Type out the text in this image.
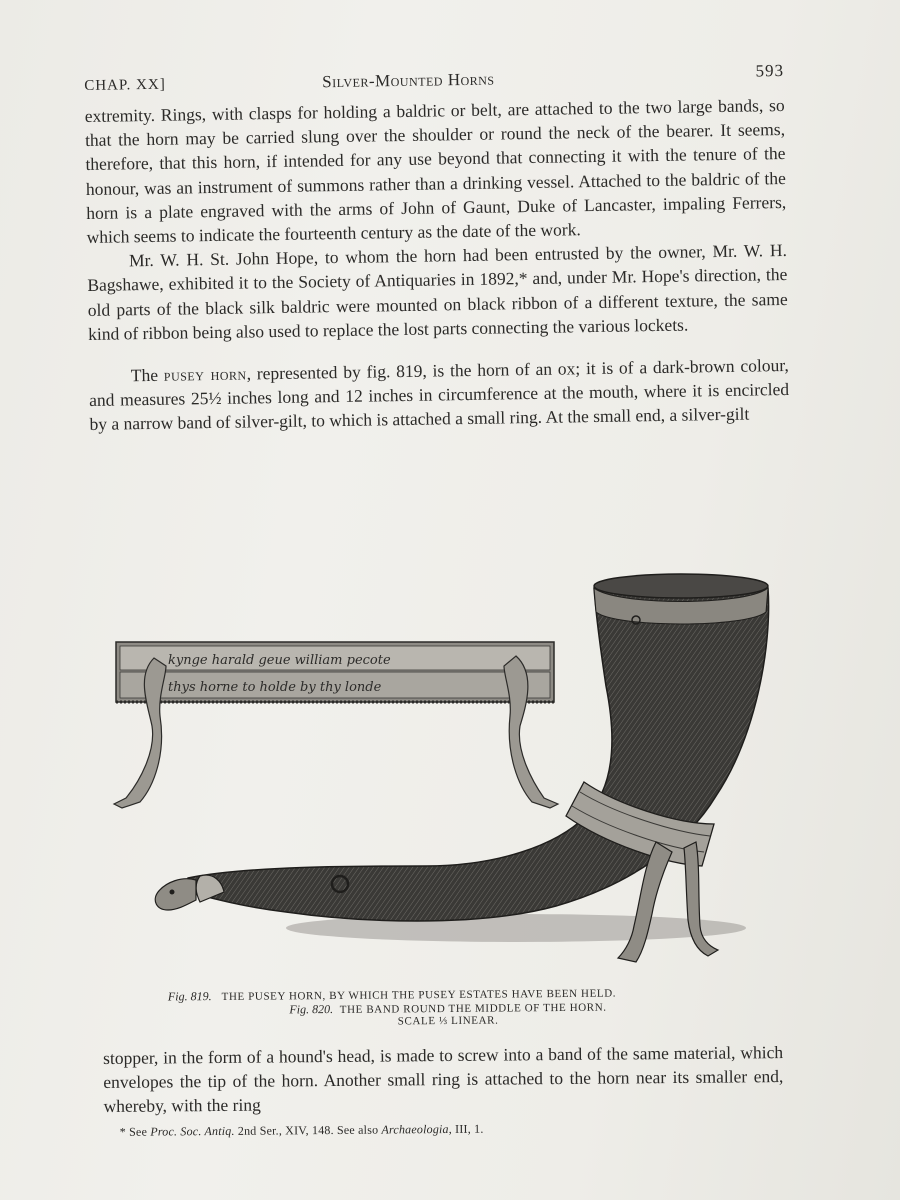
CHAP. XX]	Silver-Mounted Horns	593

extremity. Rings, with clasps for holding a baldric or belt, are attached to the two large bands, so that the horn may be carried slung over the shoulder or round the neck of the bearer. It seems, therefore, that this horn, if intended for any use beyond that connecting it with the tenure of the honour, was an instrument of summons rather than a drinking vessel. Attached to the baldric of the horn is a plate engraved with the arms of John of Gaunt, Duke of Lancaster, impaling Ferrers, which seems to indicate the fourteenth century as the date of the work.

Mr. W. H. St. John Hope, to whom the horn had been entrusted by the owner, Mr. W. H. Bagshawe, exhibited it to the Society of Antiquaries in 1892,* and, under Mr. Hope's direction, the old parts of the black silk baldric were mounted on black ribbon of a different texture, the same kind of ribbon being also used to replace the lost parts connecting the various lockets.

The pusey horn, represented by fig. 819, is the horn of an ox; it is of a dark-brown colour, and measures 25½ inches long and 12 inches in circumference at the mouth, where it is encircled by a narrow band of silver-gilt, to which is attached a small ring. At the small end, a silver-gilt

kynge harald geue william pecote
thys horne to holde by thy londe
Fig. 819. THE PUSEY HORN, BY WHICH THE PUSEY ESTATES HAVE BEEN HELD.
Fig. 820. THE BAND ROUND THE MIDDLE OF THE HORN.
SCALE ⅓ LINEAR.

stopper, in the form of a hound's head, is made to screw into a band of the same material, which envelopes the tip of the horn. Another small ring is attached to the horn near its smaller end, whereby, with the ring

* See Proc. Soc. Antiq. 2nd Ser., XIV, 148. See also Archaeologia, III, 1.
